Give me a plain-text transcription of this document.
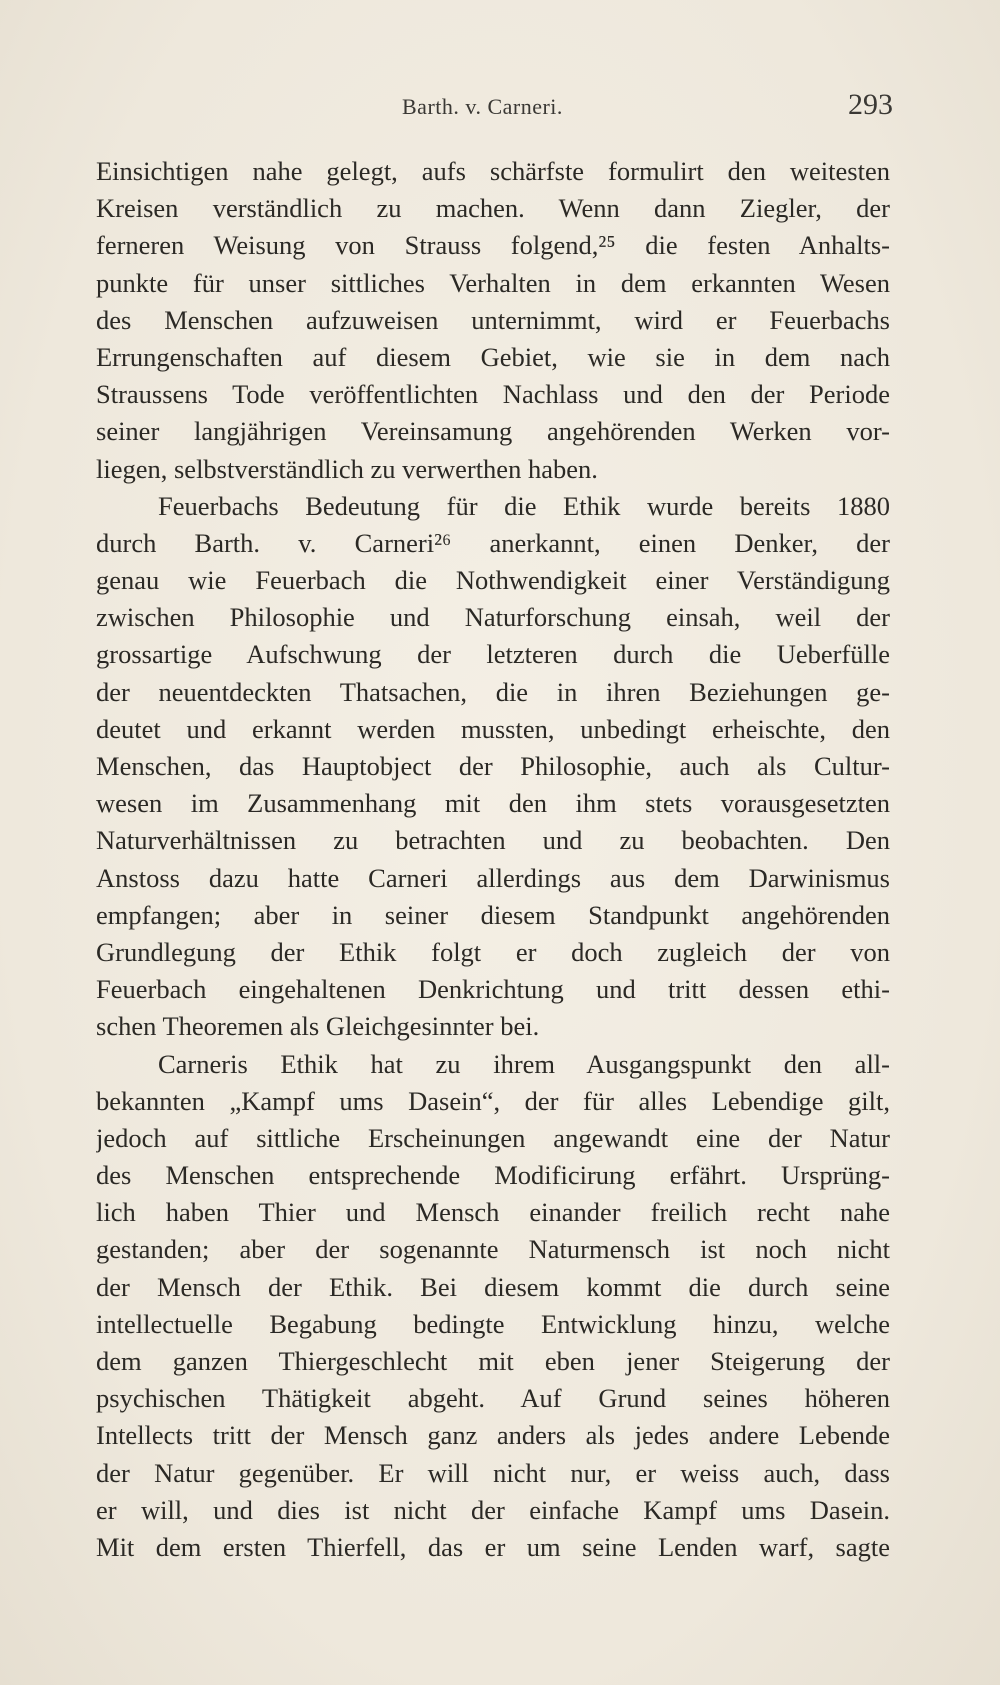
Barth. v. Carneri.	293
Einsichtigen nahe gelegt, aufs schärfste formulirt den weitesten
Kreisen verständlich zu machen. Wenn dann Ziegler, der
ferneren Weisung von Strauss folgend,²⁵ die festen Anhalts-
punkte für unser sittliches Verhalten in dem erkannten Wesen
des Menschen aufzuweisen unternimmt, wird er Feuerbachs
Errungenschaften auf diesem Gebiet, wie sie in dem nach
Straussens Tode veröffentlichten Nachlass und den der Periode
seiner langjährigen Vereinsamung angehörenden Werken vor-
liegen, selbstverständlich zu verwerthen haben.
Feuerbachs Bedeutung für die Ethik wurde bereits 1880
durch Barth. v. Carneri²⁶ anerkannt, einen Denker, der
genau wie Feuerbach die Nothwendigkeit einer Verständigung
zwischen Philosophie und Naturforschung einsah, weil der
grossartige Aufschwung der letzteren durch die Ueberfülle
der neuentdeckten Thatsachen, die in ihren Beziehungen ge-
deutet und erkannt werden mussten, unbedingt erheischte, den
Menschen, das Hauptobject der Philosophie, auch als Cultur-
wesen im Zusammenhang mit den ihm stets vorausgesetzten
Naturverhältnissen zu betrachten und zu beobachten. Den
Anstoss dazu hatte Carneri allerdings aus dem Darwinismus
empfangen; aber in seiner diesem Standpunkt angehörenden
Grundlegung der Ethik folgt er doch zugleich der von
Feuerbach eingehaltenen Denkrichtung und tritt dessen ethi-
schen Theoremen als Gleichgesinnter bei.
Carneris Ethik hat zu ihrem Ausgangspunkt den all-
bekannten „Kampf ums Dasein“, der für alles Lebendige gilt,
jedoch auf sittliche Erscheinungen angewandt eine der Natur
des Menschen entsprechende Modificirung erfährt. Ursprüng-
lich haben Thier und Mensch einander freilich recht nahe
gestanden; aber der sogenannte Naturmensch ist noch nicht
der Mensch der Ethik. Bei diesem kommt die durch seine
intellectuelle Begabung bedingte Entwicklung hinzu, welche
dem ganzen Thiergeschlecht mit eben jener Steigerung der
psychischen Thätigkeit abgeht. Auf Grund seines höheren
Intellects tritt der Mensch ganz anders als jedes andere Lebende
der Natur gegenüber. Er will nicht nur, er weiss auch, dass
er will, und dies ist nicht der einfache Kampf ums Dasein.
Mit dem ersten Thierfell, das er um seine Lenden warf, sagte
